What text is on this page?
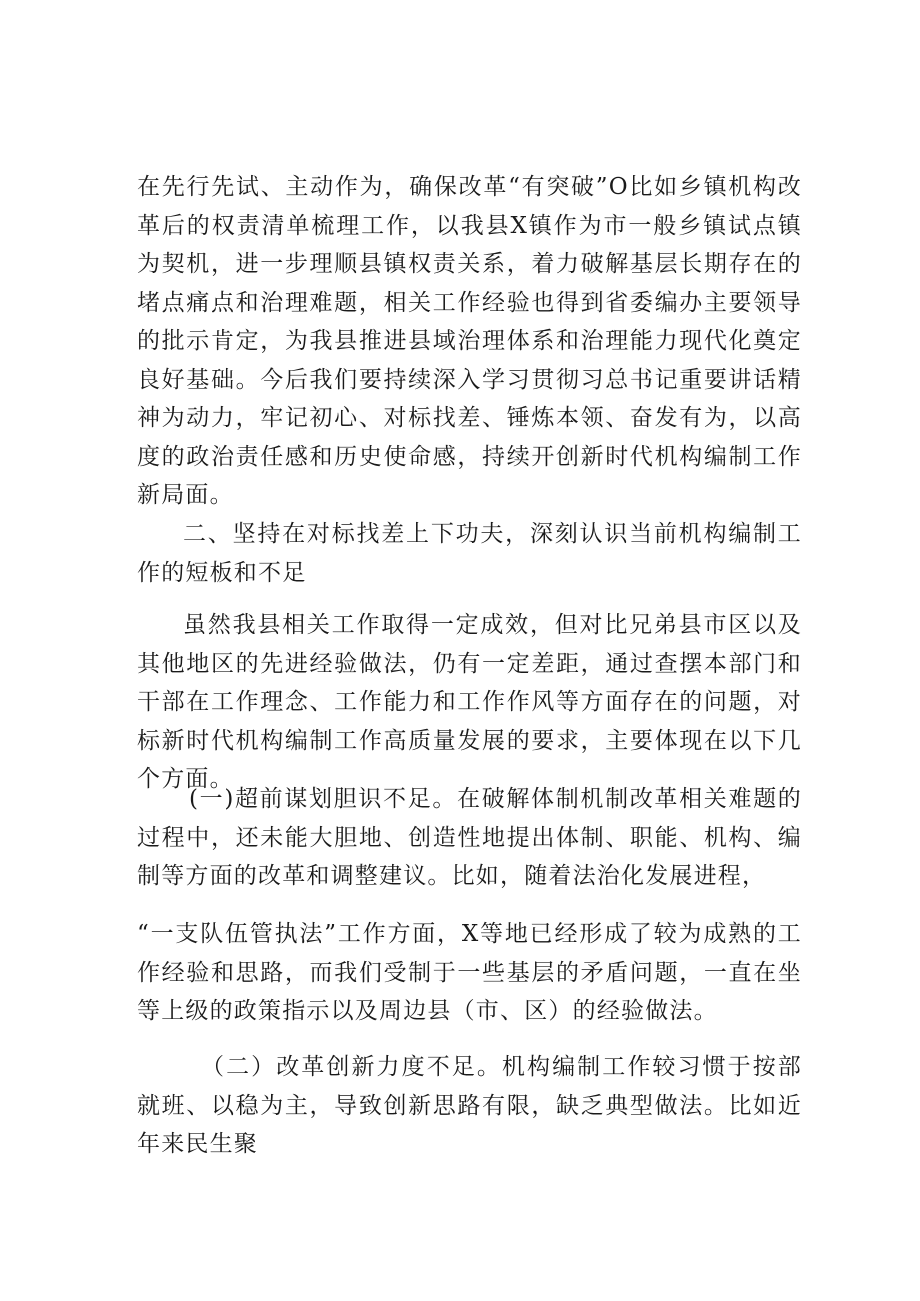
在先行先试、主动作为，确保改革“有突破”O比如乡镇机构改革后的权责清单梳理工作，以我县X镇作为市一般乡镇试点镇为契机，进一步理顺县镇权责关系，着力破解基层长期存在的堵点痛点和治理难题，相关工作经验也得到省委编办主要领导的批示肯定，为我县推进县域治理体系和治理能力现代化奠定良好基础。今后我们要持续深入学习贯彻习总书记重要讲话精神为动力，牢记初心、对标找差、锤炼本领、奋发有为，以高度的政治责任感和历史使命感，持续开创新时代机构编制工作新局面。

二、坚持在对标找差上下功夫，深刻认识当前机构编制工作的短板和不足

虽然我县相关工作取得一定成效，但对比兄弟县市区以及其他地区的先进经验做法，仍有一定差距，通过查摆本部门和干部在工作理念、工作能力和工作作风等方面存在的问题，对标新时代机构编制工作高质量发展的要求，主要体现在以下几个方面。

(一)超前谋划胆识不足。在破解体制机制改革相关难题的过程中，还未能大胆地、创造性地提出体制、职能、机构、编制等方面的改革和调整建议。比如，随着法治化发展进程，

“一支队伍管执法”工作方面，X等地已经形成了较为成熟的工作经验和思路，而我们受制于一些基层的矛盾问题，一直在坐等上级的政策指示以及周边县（市、区）的经验做法。

（二）改革创新力度不足。机构编制工作较习惯于按部就班、以稳为主，导致创新思路有限，缺乏典型做法。比如近年来民生聚
